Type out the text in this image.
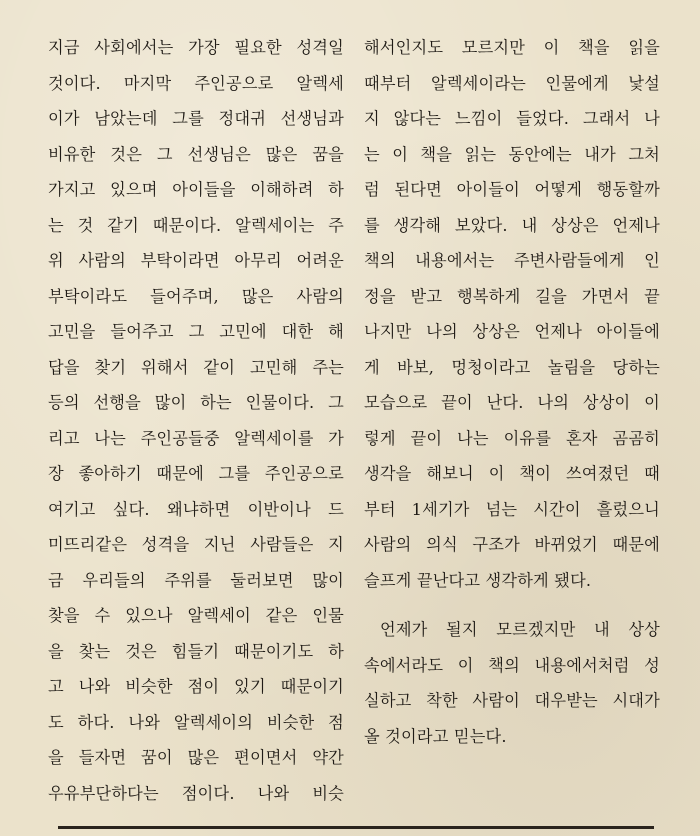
지금 사회에서는 가장 필요한 성격일
것이다. 마지막 주인공으로 알렉세
이가 남았는데 그를 정대귀 선생님과
비유한 것은 그 선생님은 많은 꿈을
가지고 있으며 아이들을 이해하려 하
는 것 같기 때문이다. 알렉세이는 주
위 사람의 부탁이라면 아무리 어려운
부탁이라도 들어주며, 많은 사람의
고민을 들어주고 그 고민에 대한 해
답을 찾기 위해서 같이 고민해 주는
등의 선행을 많이 하는 인물이다. 그
리고 나는 주인공들중 알렉세이를 가
장 좋아하기 때문에 그를 주인공으로
여기고 싶다. 왜냐하면 이반이나 드
미뜨리같은 성격을 지닌 사람들은 지
금 우리들의 주위를 둘러보면 많이
찾을 수 있으나 알렉세이 같은 인물
을 찾는 것은 힘들기 때문이기도 하
고 나와 비슷한 점이 있기 때문이기
도 하다. 나와 알렉세이의 비슷한 점
을 들자면 꿈이 많은 편이면서 약간
우유부단하다는 점이다. 나와 비슷
해서인지도 모르지만 이 책을 읽을
때부터 알렉세이라는 인물에게 낯설
지 않다는 느낌이 들었다. 그래서 나
는 이 책을 읽는 동안에는 내가 그처
럼 된다면 아이들이 어떻게 행동할까
를 생각해 보았다. 내 상상은 언제나
책의 내용에서는 주변사람들에게 인
정을 받고 행복하게 길을 가면서 끝
나지만 나의 상상은 언제나 아이들에
게 바보, 멍청이라고 놀림을 당하는
모습으로 끝이 난다. 나의 상상이 이
렇게 끝이 나는 이유를 혼자 곰곰히
생각을 해보니 이 책이 쓰여졌던 때
부터 1세기가 넘는 시간이 흘렀으니
사람의 의식 구조가 바뀌었기 때문에
슬프게 끝난다고 생각하게 됐다.
언제가 될지 모르겠지만 내 상상
속에서라도 이 책의 내용에서처럼 성
실하고 착한 사람이 대우받는 시대가
올 것이라고 믿는다.
